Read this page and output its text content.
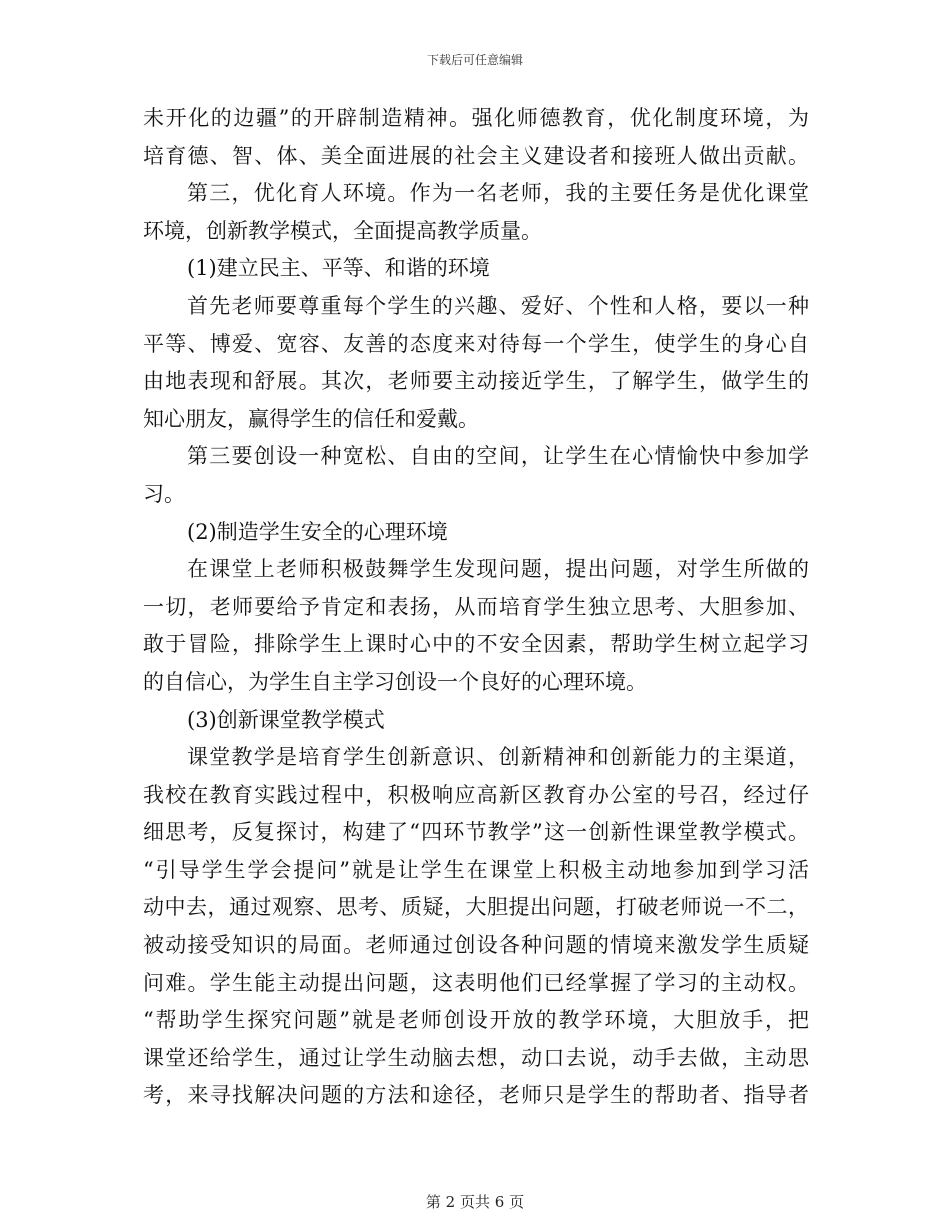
下载后可任意编辑
未开化的边疆”的开辟制造精神。强化师德教育，优化制度环境，为
培育德、智、体、美全面进展的社会主义建设者和接班人做出贡献。
第三，优化育人环境。作为一名老师，我的主要任务是优化课堂
环境，创新教学模式，全面提高教学质量。
(1)建立民主、平等、和谐的环境
首先老师要尊重每个学生的兴趣、爱好、个性和人格，要以一种
平等、博爱、宽容、友善的态度来对待每一个学生，使学生的身心自
由地表现和舒展。其次，老师要主动接近学生，了解学生，做学生的
知心朋友，赢得学生的信任和爱戴。
第三要创设一种宽松、自由的空间，让学生在心情愉快中参加学
习。
(2)制造学生安全的心理环境
在课堂上老师积极鼓舞学生发现问题，提出问题，对学生所做的
一切，老师要给予肯定和表扬，从而培育学生独立思考、大胆参加、
敢于冒险，排除学生上课时心中的不安全因素，帮助学生树立起学习
的自信心，为学生自主学习创设一个良好的心理环境。
(3)创新课堂教学模式
课堂教学是培育学生创新意识、创新精神和创新能力的主渠道，
我校在教育实践过程中，积极响应高新区教育办公室的号召，经过仔
细思考，反复探讨，构建了“四环节教学”这一创新性课堂教学模式。
“引导学生学会提问”就是让学生在课堂上积极主动地参加到学习活
动中去，通过观察、思考、质疑，大胆提出问题，打破老师说一不二，
被动接受知识的局面。老师通过创设各种问题的情境来激发学生质疑
问难。学生能主动提出问题，这表明他们已经掌握了学习的主动权。
“帮助学生探究问题”就是老师创设开放的教学环境，大胆放手，把
课堂还给学生，通过让学生动脑去想，动口去说，动手去做，主动思
考，来寻找解决问题的方法和途径，老师只是学生的帮助者、指导者
第 2 页共 6 页
